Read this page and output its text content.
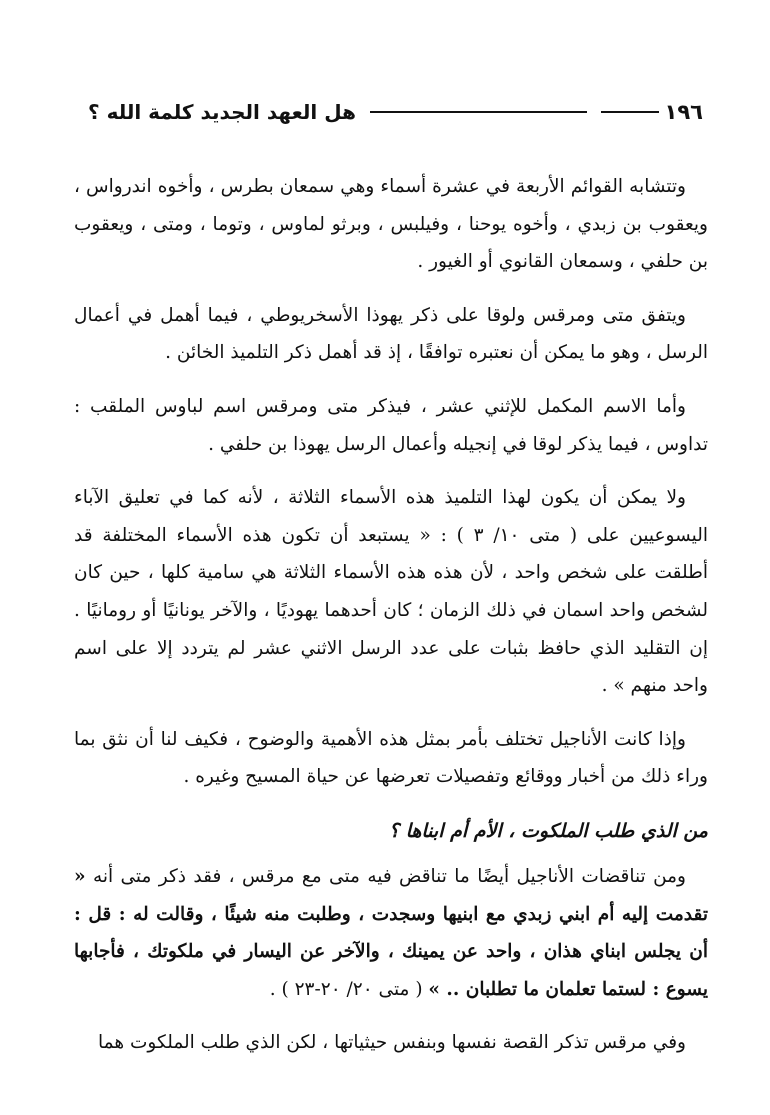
١٩٦
هل العهد الجديد كلمة الله ؟

وتتشابه القوائم الأربعة في عشرة أسماء وهي سمعان بطرس ، وأخوه اندرواس ، ويعقوب بن زبدي ، وأخوه يوحنا ، وفيلبس ، وبرثو لماوس ، وتوما ، ومتى ، ويعقوب بن حلفي ، وسمعان القانوي أو الغيور .

ويتفق متى ومرقس ولوقا على ذكر يهوذا الأسخريوطي ، فيما أهمل في أعمال الرسل ، وهو ما يمكن أن نعتبره توافقًا ، إذ قد أهمل ذكر التلميذ الخائن .

وأما الاسم المكمل للإثني عشر ، فيذكر متى ومرقس اسم لباوس الملقب : تداوس ، فيما يذكر لوقا في إنجيله وأعمال الرسل يهوذا بن حلفي .

ولا يمكن أن يكون لهذا التلميذ هذه الأسماء الثلاثة ، لأنه كما في تعليق الآباء اليسوعيين على ( متى ١٠/ ٣ ) : « يستبعد أن تكون هذه الأسماء المختلفة قد أطلقت على شخص واحد ، لأن هذه هذه الأسماء الثلاثة هي سامية كلها ، حين كان لشخص واحد اسمان في ذلك الزمان ؛ كان أحدهما يهوديًا ، والآخر يونانيًا أو رومانيًا . إن التقليد الذي حافظ بثبات على عدد الرسل الاثني عشر لم يتردد إلا على اسم واحد منهم » .

وإذا كانت الأناجيل تختلف بأمر بمثل هذه الأهمية والوضوح ، فكيف لنا أن نثق بما وراء ذلك من أخبار ووقائع وتفصيلات تعرضها عن حياة المسيح وغيره .

من الذي طلب الملكوت ، الأم أم ابناها ؟

ومن تناقضات الأناجيل أيضًا ما تناقض فيه متى مع مرقس ، فقد ذكر متى أنه « تقدمت إليه أم ابني زبدي مع ابنيها وسجدت ، وطلبت منه شيئًا ، وقالت له : قل : أن يجلس ابناي هذان ، واحد عن يمينك ، والآخر عن اليسار في ملكوتك ، فأجابها يسوع : لستما تعلمان ما تطلبان .. » ( متى ٢٠/ ٢٠-٢٣ ) .

وفي مرقس تذكر القصة نفسها وبنفس حيثياتها ، لكن الذي طلب الملكوت هما
